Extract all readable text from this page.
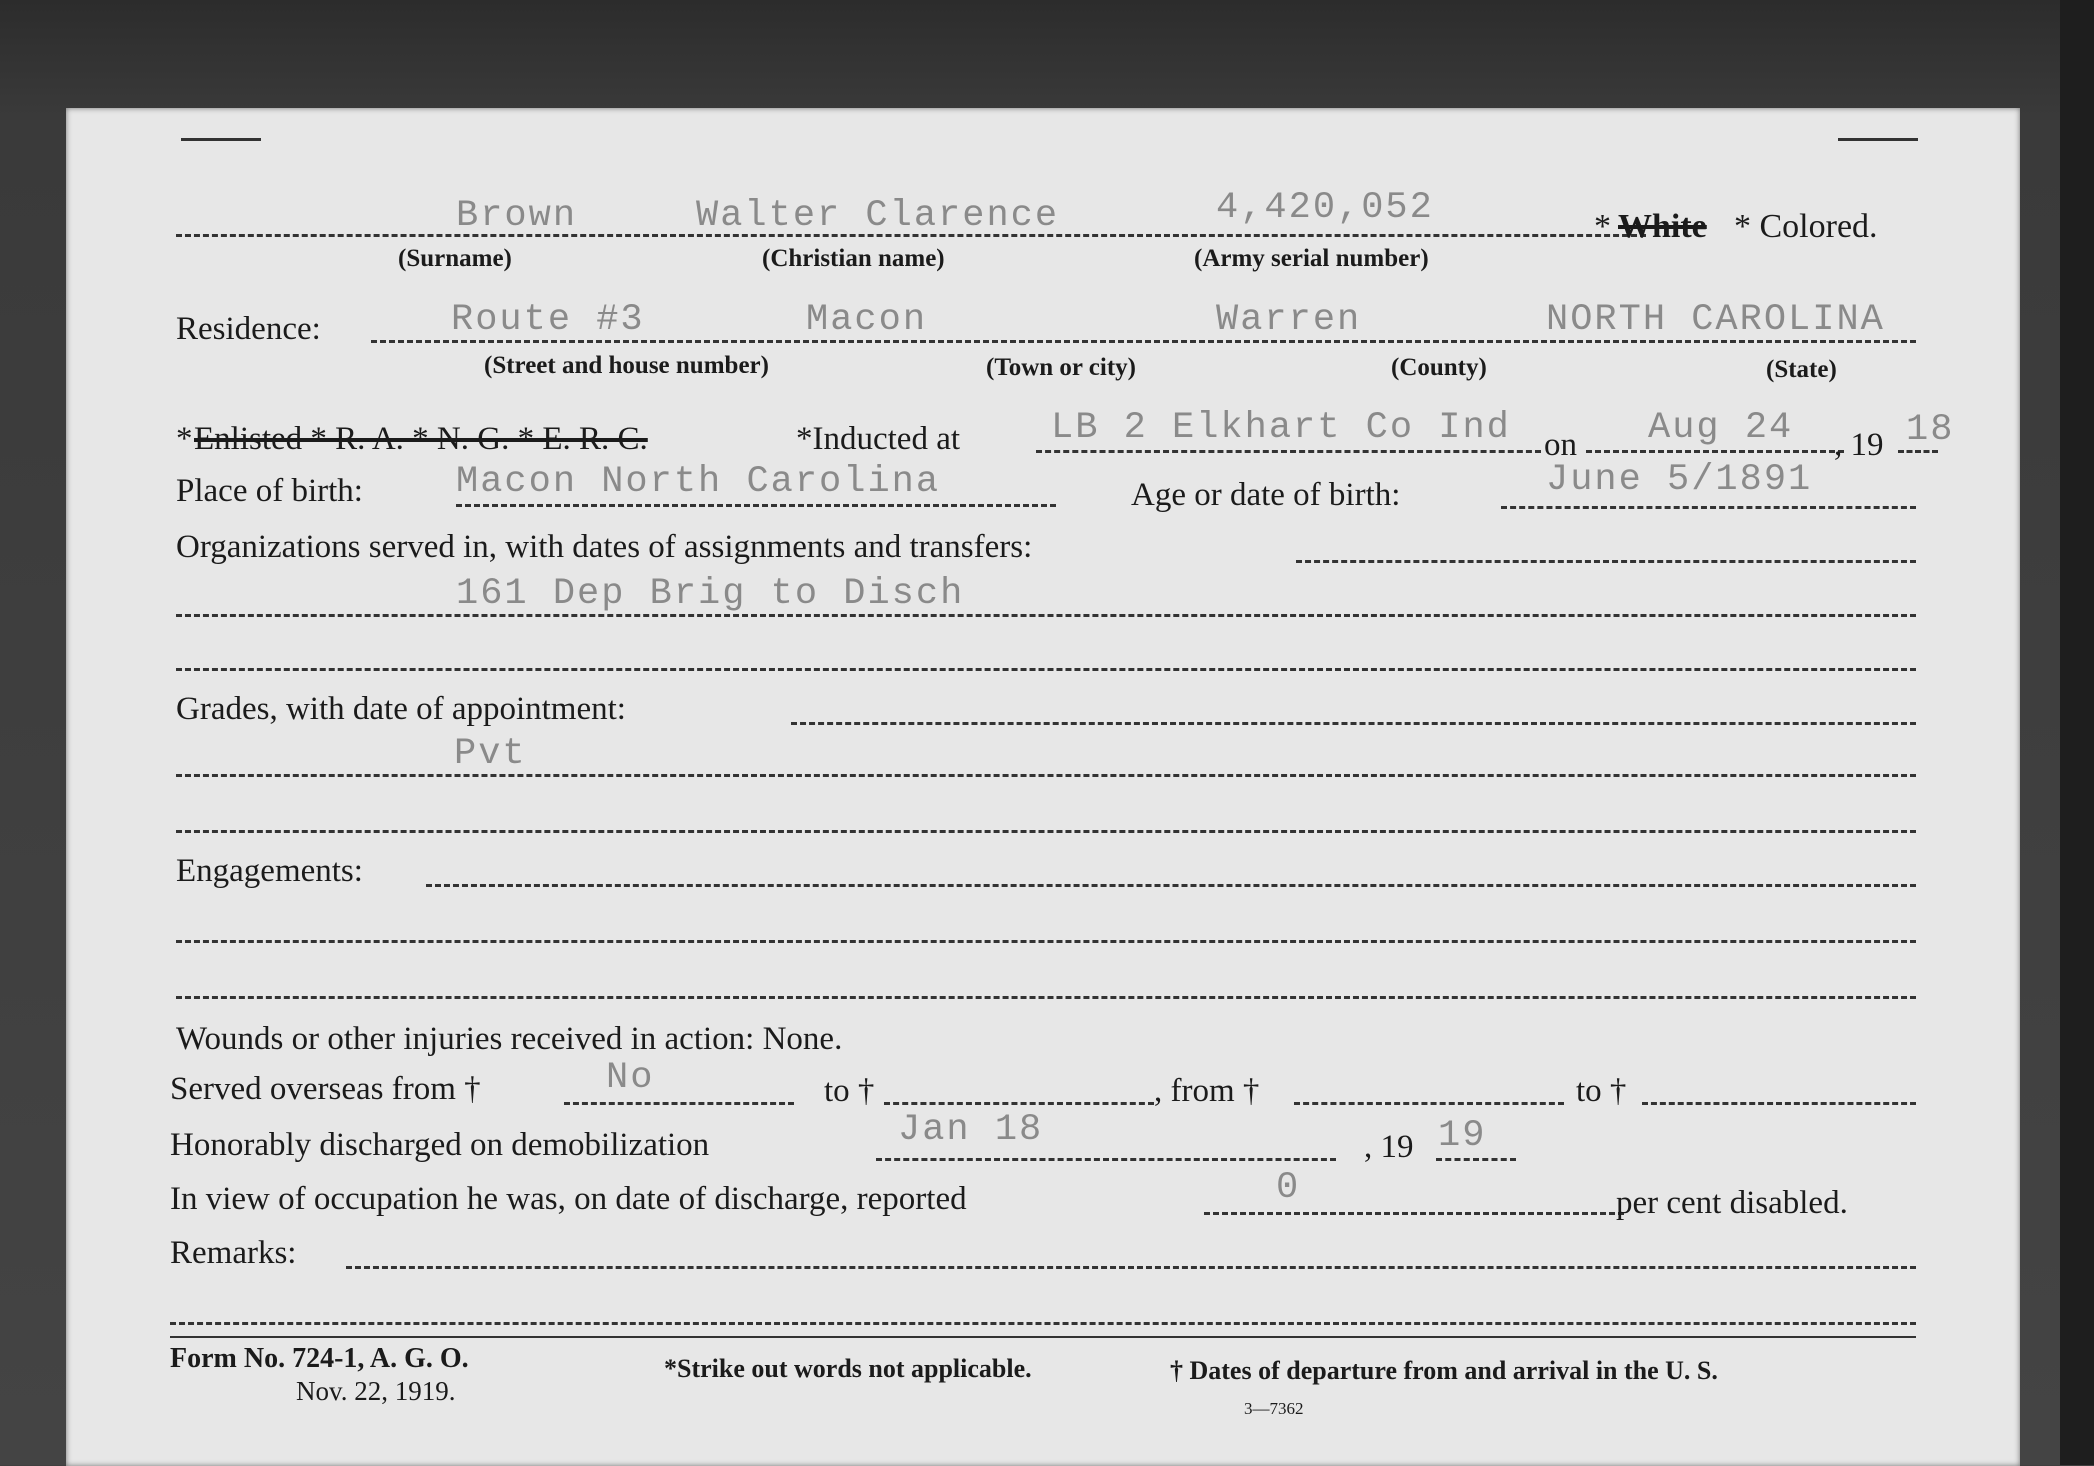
Brown	Walter Clarence	4,420,052	* White * Colored.
(Surname)	(Christian name)	(Army serial number)
Residence:	Route #3	Macon	Warren	NORTH CAROLINA
(Street and house number)	(Town or city)	(County)	(State)
* Enlisted * R. A. * N. G. * E. R. C.	*Inducted at LB 2 Elkhart Co Ind on Aug 24 , 19 18
Place of birth:	Macon North Carolina	Age or date of birth:	June 5/1891
Organizations served in, with dates of assignments and transfers:
161 Dep Brig to Disch
Grades, with date of appointment:
Pvt
Engagements:
Wounds or other injuries received in action: None.
Served overseas from †	No	to †	, from †	to †
Honorably discharged on demobilization	Jan 18	, 19 19
In view of occupation he was, on date of discharge, reported	0	per cent disabled.
Remarks:
Form No. 724-1, A. G. O.
Nov. 22, 1919.
*Strike out words not applicable.	† Dates of departure from and arrival in the U. S.
3—7362
